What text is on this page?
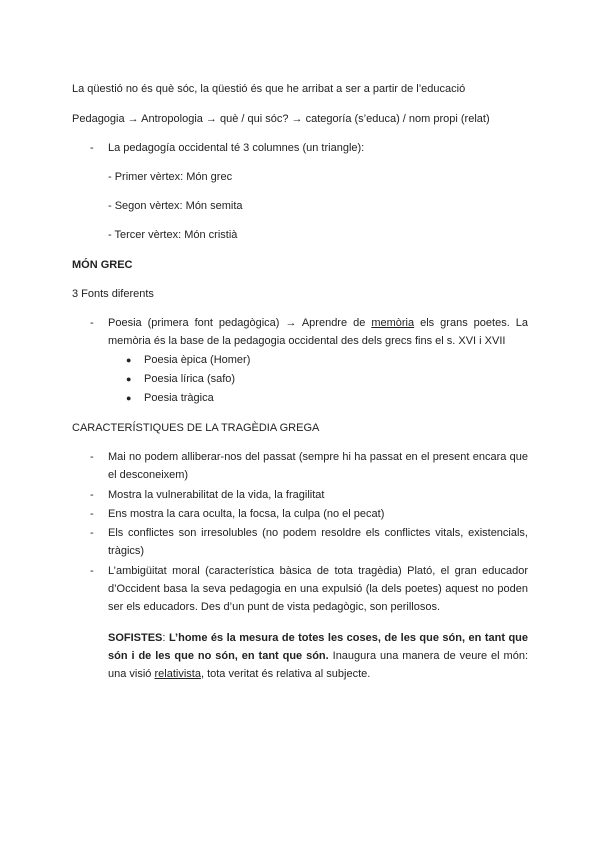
La qüestió no és què sóc, la qüestió és que he arribat a ser a partir de l’educació
Pedagogia → Antropologia → què / qui sóc? → categoría (s’educa) / nom propi (relat)
- La pedagogía occidental té 3 columnes (un triangle):
- Primer vèrtex: Món grec
- Segon vèrtex: Món semita
- Tercer vèrtex: Món cristià
MÓN GREC
3 Fonts diferents
- Poesia (primera font pedagògica) → Aprendre de memòria els grans poetes. La memòria és la base de la pedagogia occidental des dels grecs fins el s. XVI i XVII
● Poesia èpica (Homer)
● Poesia lírica (safo)
● Poesia tràgica
CARACTERÍSTIQUES DE LA TRAGÈDIA GREGA
- Mai no podem alliberar-nos del passat (sempre hi ha passat en el present encara que el desconeixem)
- Mostra la vulnerabilitat de la vida, la fragilitat
- Ens mostra la cara oculta, la focsa, la culpa (no el pecat)
- Els conflictes son irresolubles (no podem resoldre els conflictes vitals, existencials, tràgics)
- L’ambigüitat moral (característica bàsica de tota tragèdia) Plató, el gran educador d’Occident basa la seva pedagogia en una expulsió (la dels poetes) aquest no poden ser els educadors. Des d’un punt de vista pedagògic, son perillosos.
SOFISTES: L’home és la mesura de totes les coses, de les que són, en tant que són i de les que no són, en tant que són. Inaugura una manera de veure el món: una visió relativista, tota veritat és relativa al subjecte.
